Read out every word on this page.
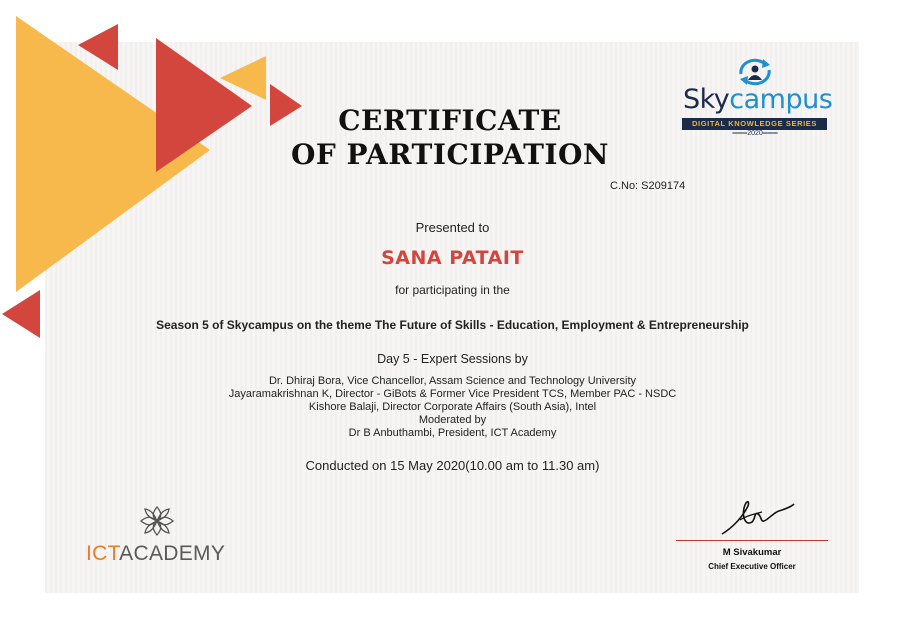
CERTIFICATE
OF PARTICIPATION
C.No: S209174
Skycampus
DIGITAL KNOWLEDGE SERIES
═══2020═══
Presented to
SANA PATAIT
for participating in the
Season 5 of Skycampus on the theme The Future of Skills - Education, Employment & Entrepreneurship
Day 5 - Expert Sessions by
Dr. Dhiraj Bora, Vice Chancellor, Assam Science and Technology University
Jayaramakrishnan K, Director - GiBots & Former Vice President TCS, Member PAC - NSDC
Kishore Balaji, Director Corporate Affairs (South Asia), Intel
Moderated by
Dr B Anbuthambi, President, ICT Academy
Conducted on 15 May 2020(10.00 am to 11.30 am)
ICTACADEMY	M Sivakumar
Chief Executive Officer
